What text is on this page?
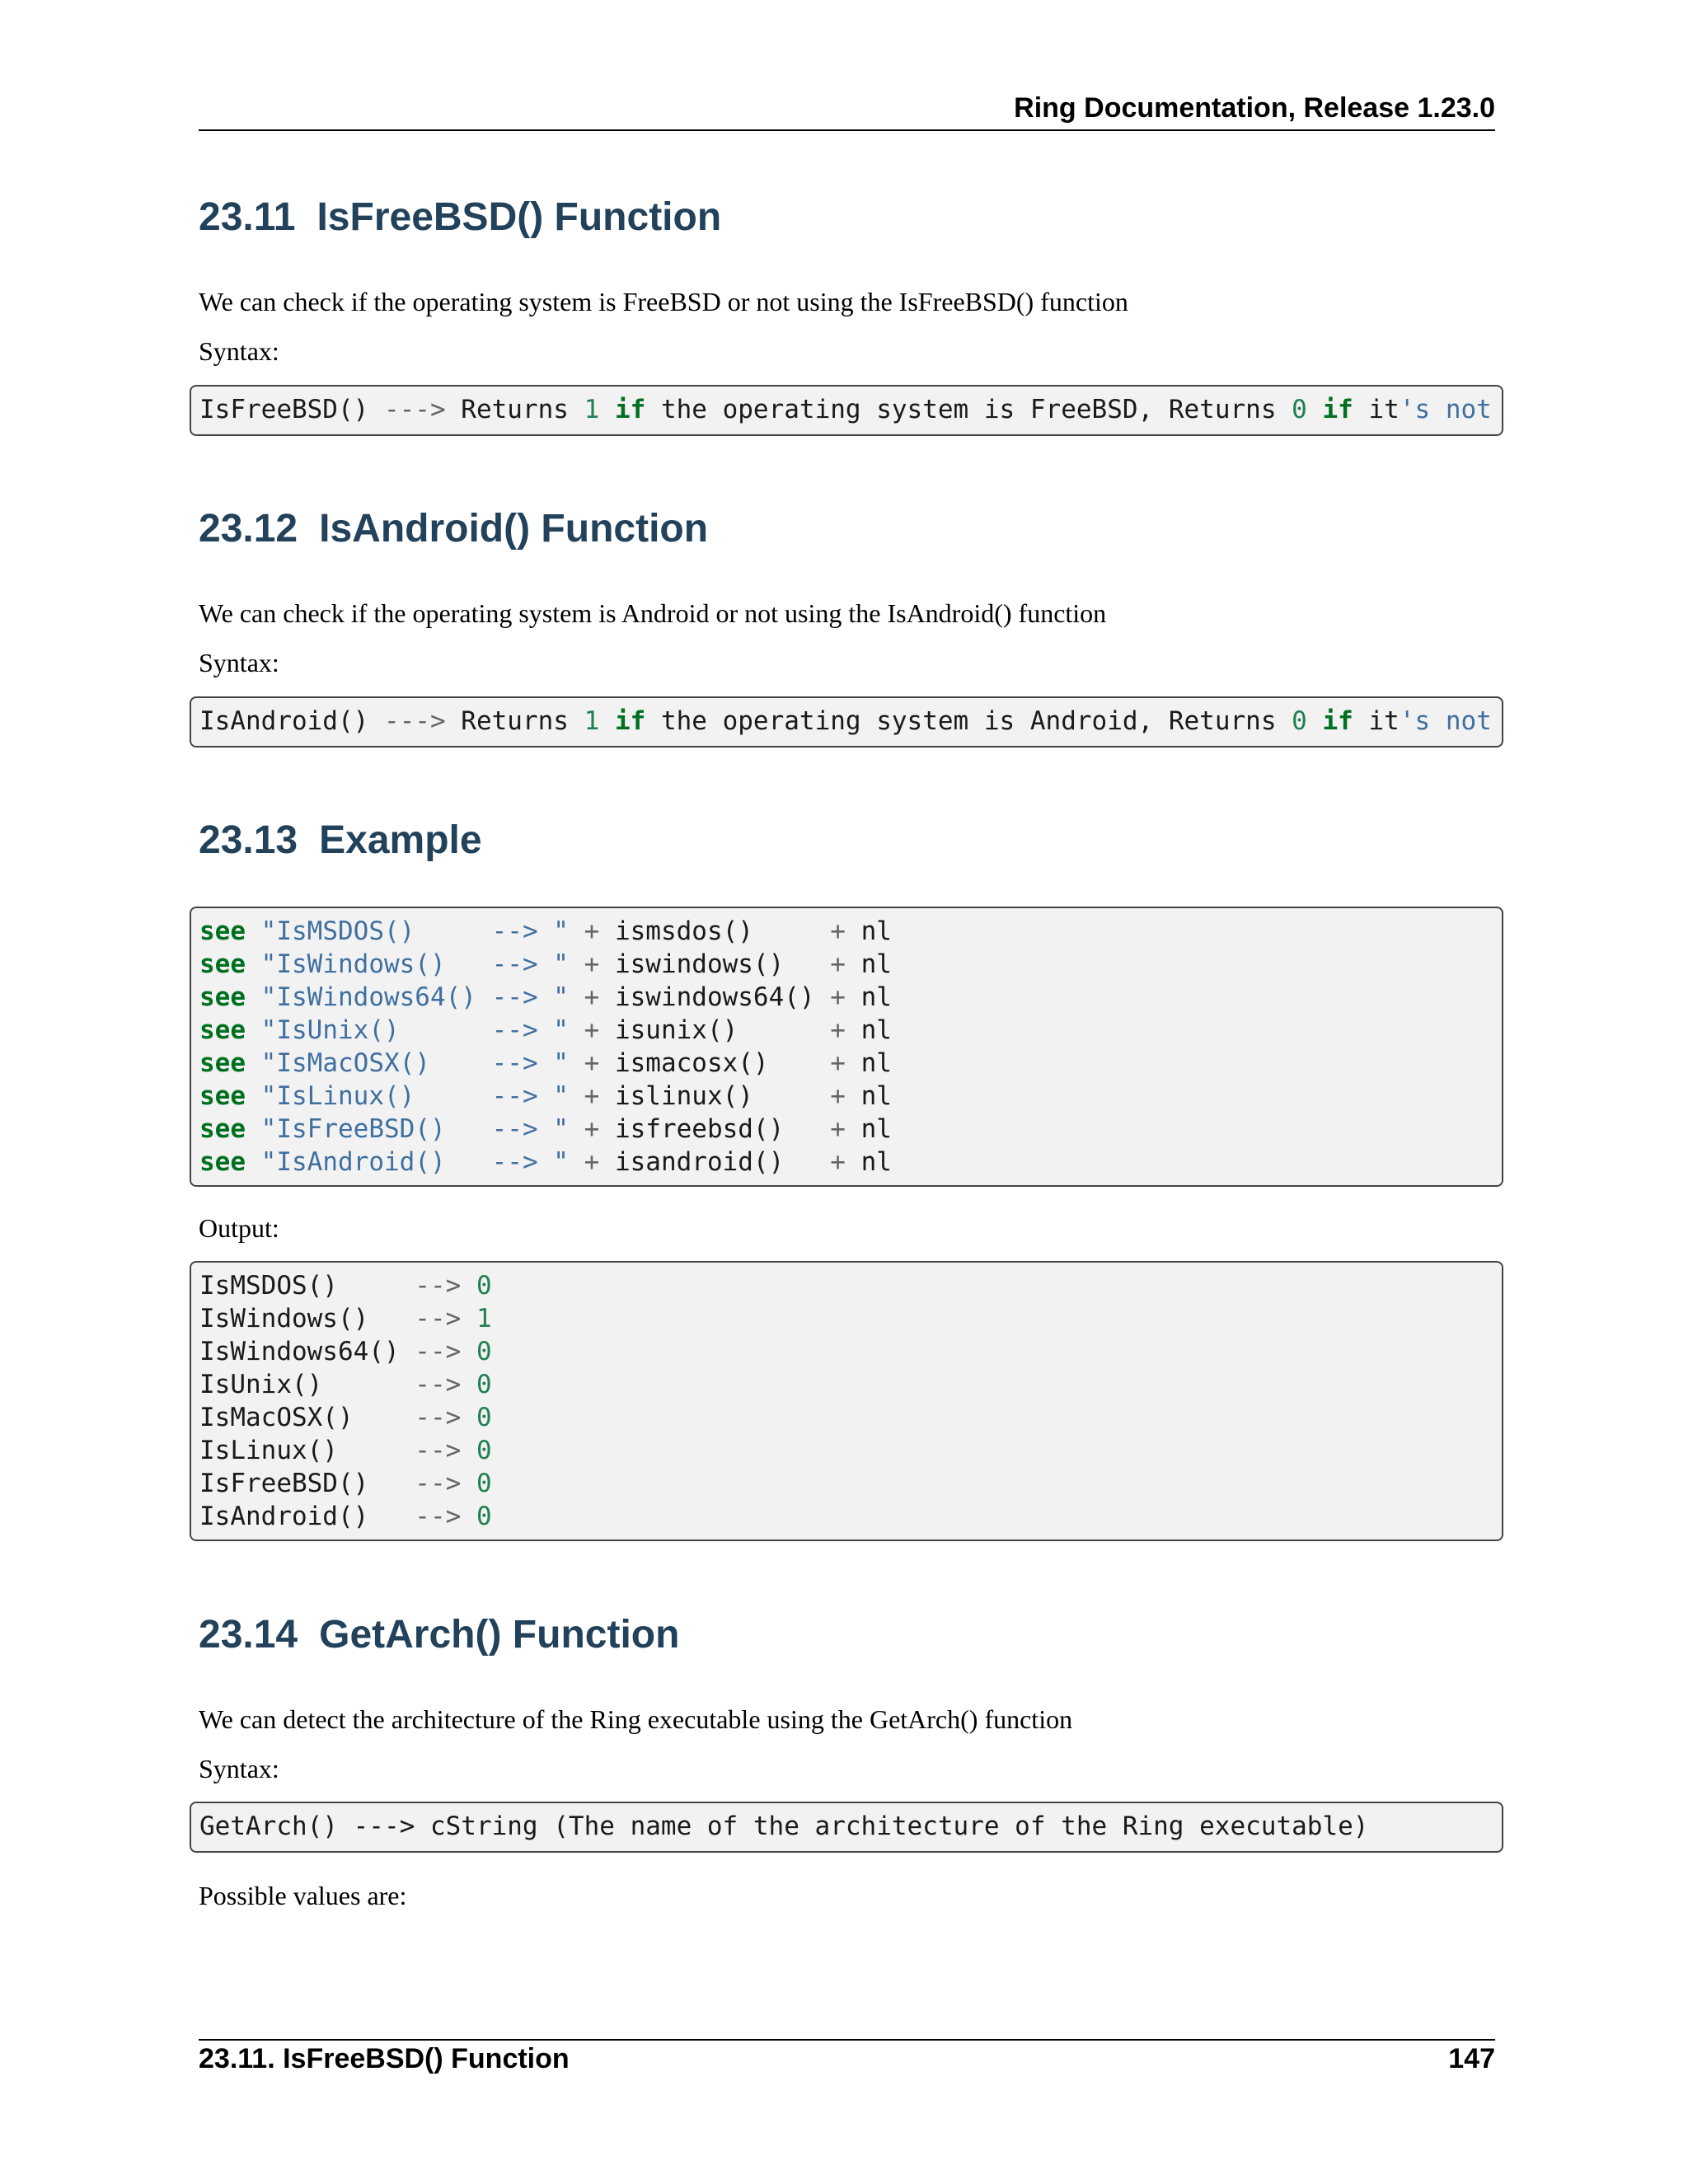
Ring Documentation, Release 1.23.0
23.11 IsFreeBSD() Function

We can check if the operating system is FreeBSD or not using the IsFreeBSD() function

Syntax:

IsFreeBSD() ---> Returns 1 if the operating system is FreeBSD, Returns 0 if it's not
23.12 IsAndroid() Function

We can check if the operating system is Android or not using the IsAndroid() function

Syntax:

IsAndroid() ---> Returns 1 if the operating system is Android, Returns 0 if it's not
23.13 Example
see "IsMSDOS()     --> " + ismsdos()     + nl
see "IsWindows()   --> " + iswindows()   + nl
see "IsWindows64() --> " + iswindows64() + nl
see "IsUnix()      --> " + isunix()      + nl
see "IsMacOSX()    --> " + ismacosx()    + nl
see "IsLinux()     --> " + islinux()     + nl
see "IsFreeBSD()   --> " + isfreebsd()   + nl
see "IsAndroid()   --> " + isandroid()   + nl

Output:

IsMSDOS()     --> 0
IsWindows()   --> 1
IsWindows64() --> 0
IsUnix()      --> 0
IsMacOSX()    --> 0
IsLinux()     --> 0
IsFreeBSD()   --> 0
IsAndroid()   --> 0
23.14 GetArch() Function

We can detect the architecture of the Ring executable using the GetArch() function

Syntax:

GetArch() ---> cString (The name of the architecture of the Ring executable)

Possible values are:

23.11. IsFreeBSD() Function	147
